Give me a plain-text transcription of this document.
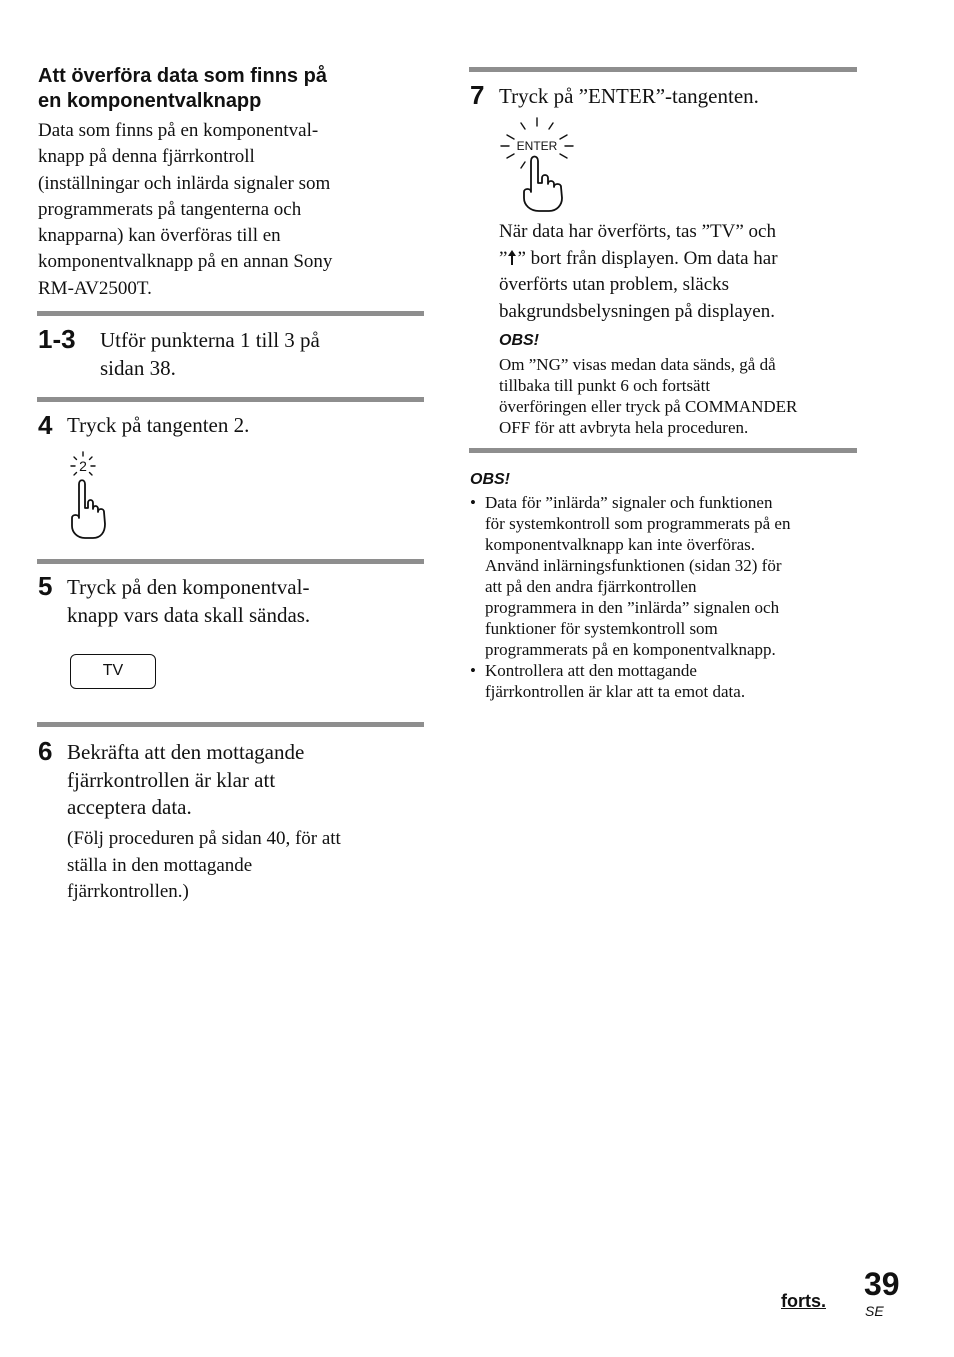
Att överföra data som finns på
en komponentvalknapp
Data som finns på en komponentval-
knapp på denna fjärrkontroll
(inställningar och inlärda signaler som
programmerats på tangenterna och
knapparna) kan överföras till en
komponentvalknapp på en annan Sony
RM-AV2500T.
1-3 Utför punkterna 1 till 3 på
sidan 38.
4 Tryck på tangenten 2.
2
5 Tryck på den komponentval-
knapp vars data skall sändas.
TV
6 Bekräfta att den mottagande
fjärrkontrollen är klar att
acceptera data.
(Följ proceduren på sidan 40, för att
ställa in den mottagande
fjärrkontrollen.)
7 Tryck på ”ENTER”-tangenten.
ENTER
När data har överförts, tas ”TV” och
” ” bort från displayen. Om data har
överförts utan problem, släcks
bakgrundsbelysningen på displayen.
OBS!
Om ”NG” visas medan data sänds, gå då
tillbaka till punkt 6 och fortsätt
överföringen eller tryck på COMMANDER
OFF för att avbryta hela proceduren.
OBS!
• Data för ”inlärda” signaler och funktionen
för systemkontroll som programmerats på en
komponentvalknapp kan inte överföras.
Använd inlärningsfunktionen (sidan 32) för
att på den andra fjärrkontrollen
programmera in den ”inlärda” signalen och
funktioner för systemkontroll som
programmerats på en komponentvalknapp.
• Kontrollera att den mottagande
fjärrkontrollen är klar att ta emot data.
forts. 39
SE
